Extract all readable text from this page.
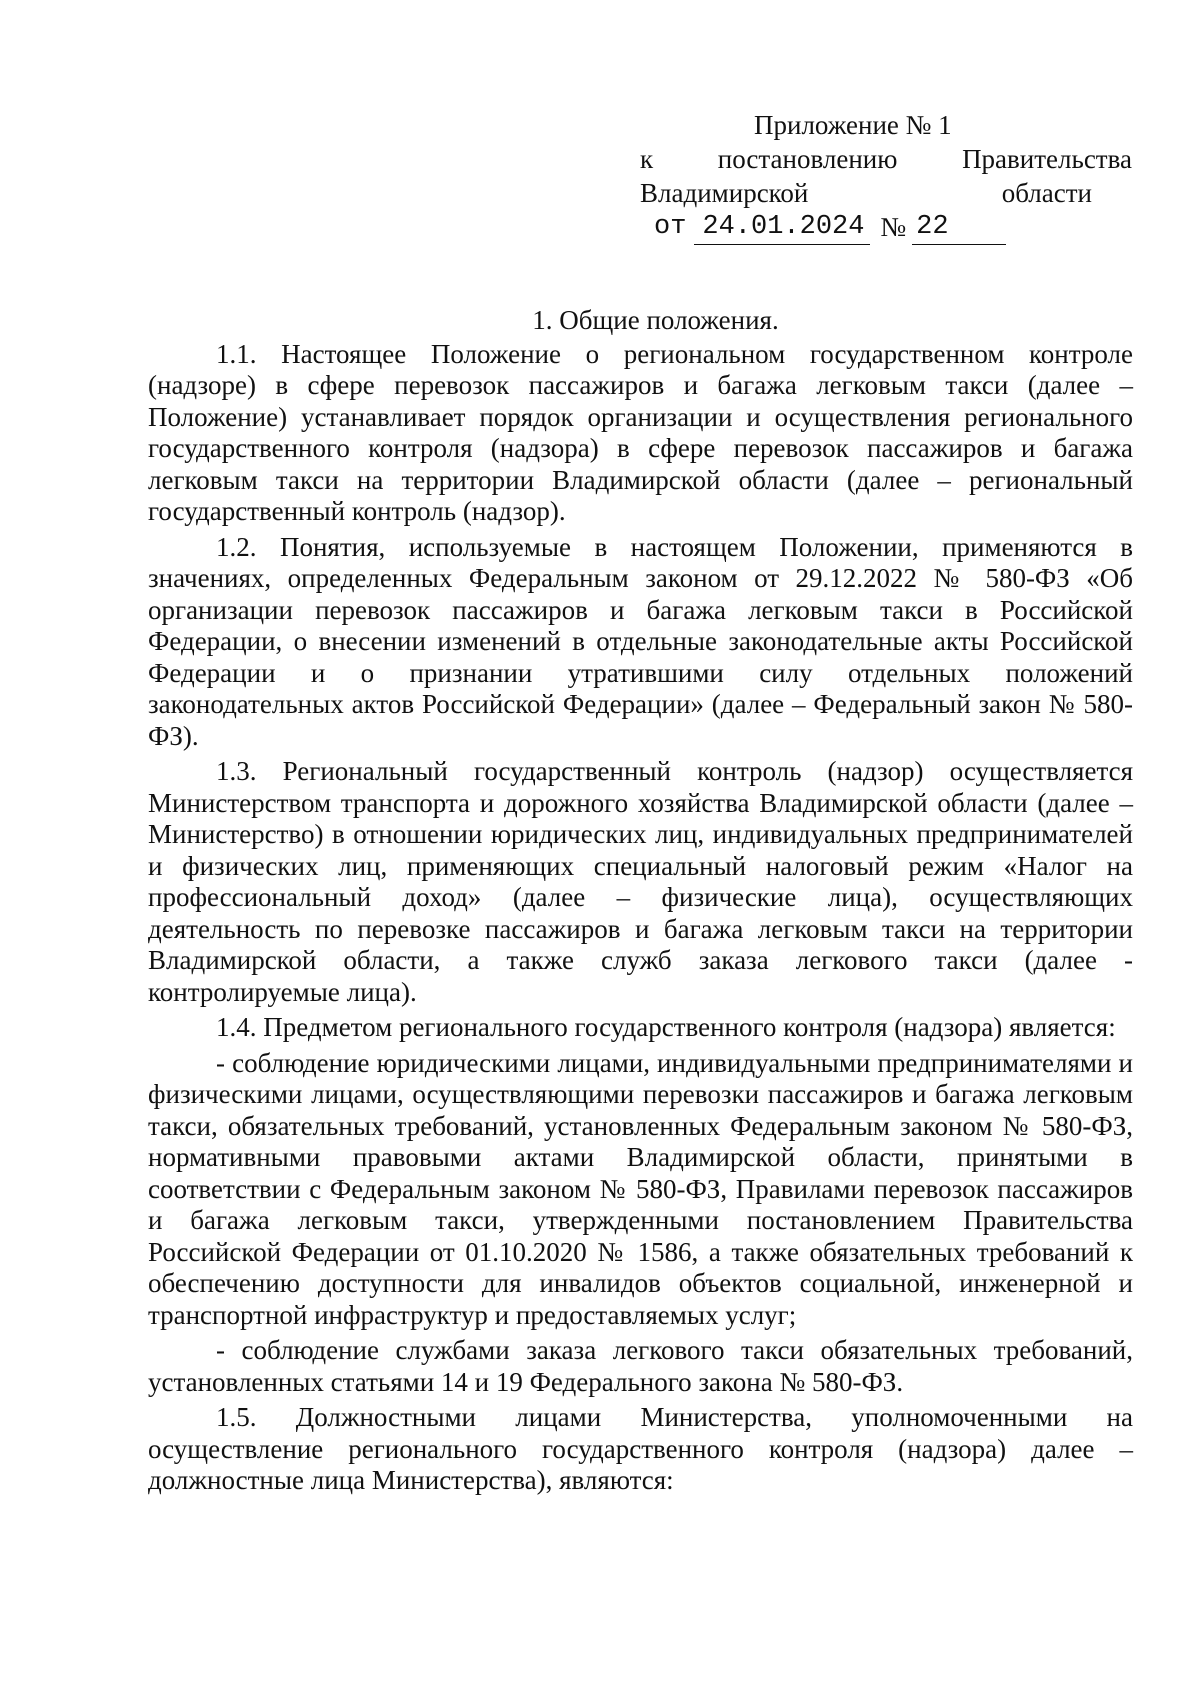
Приложение № 1
к постановлению Правительства
Владимирской	области
от 24.01.2024 № 22
1. Общие положения.

1.1. Настоящее Положение о региональном государственном контроле (надзоре) в сфере перевозок пассажиров и багажа легковым такси (далее – Положение) устанавливает порядок организации и осуществления регионального государственного контроля (надзора) в сфере перевозок пассажиров и багажа легковым такси на территории Владимирской области (далее – региональный государственный контроль (надзор).

1.2. Понятия, используемые в настоящем Положении, применяются в значениях, определенных Федеральным законом от 29.12.2022 № 580-ФЗ «Об организации перевозок пассажиров и багажа легковым такси в Российской Федерации, о внесении изменений в отдельные законодательные акты Российской Федерации и о признании утратившими силу отдельных положений законодательных актов Российской Федерации» (далее – Федеральный закон № 580-ФЗ).

1.3. Региональный государственный контроль (надзор) осуществляется Министерством транспорта и дорожного хозяйства Владимирской области (далее – Министерство) в отношении юридических лиц, индивидуальных предпринимателей и физических лиц, применяющих специальный налоговый режим «Налог на профессиональный доход» (далее – физические лица), осуществляющих деятельность по перевозке пассажиров и багажа легковым такси на территории Владимирской области, а также служб заказа легкового такси (далее - контролируемые лица).

1.4. Предметом регионального государственного контроля (надзора) является:

- соблюдение юридическими лицами, индивидуальными предпринимателями и физическими лицами, осуществляющими перевозки пассажиров и багажа легковым такси, обязательных требований, установленных Федеральным законом № 580-ФЗ, нормативными правовыми актами Владимирской области, принятыми в соответствии с Федеральным законом № 580-ФЗ, Правилами перевозок пассажиров и багажа легковым такси, утвержденными постановлением Правительства Российской Федерации от 01.10.2020 № 1586, а также обязательных требований к обеспечению доступности для инвалидов объектов социальной, инженерной и транспортной инфраструктур и предоставляемых услуг;

- соблюдение службами заказа легкового такси обязательных требований, установленных статьями 14 и 19 Федерального закона № 580-ФЗ.

1.5. Должностными лицами Министерства, уполномоченными на осуществление регионального государственного контроля (надзора) далее – должностные лица Министерства), являются:
